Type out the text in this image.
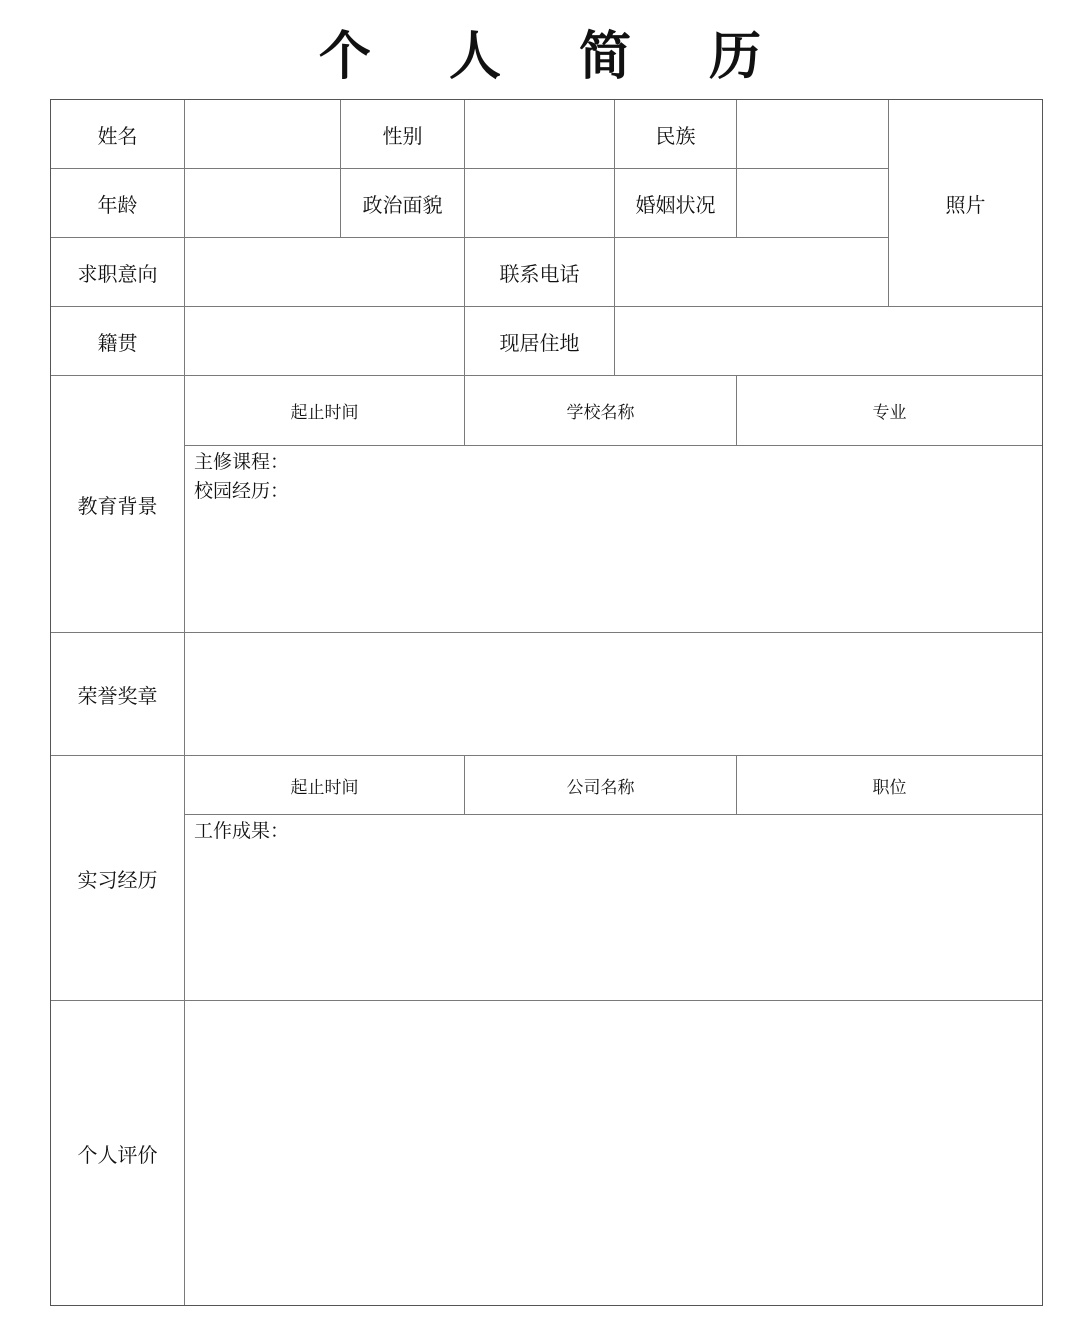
个 人 简 历
姓名	性别	民族
照片
年龄	政治面貌	婚姻状况
求职意向	联系电话
籍贯	现居住地
教育背景
起止时间	学校名称	专业
主修课程：
校园经历：
荣誉奖章
实习经历
起止时间	公司名称	职位
工作成果：
个人评价
